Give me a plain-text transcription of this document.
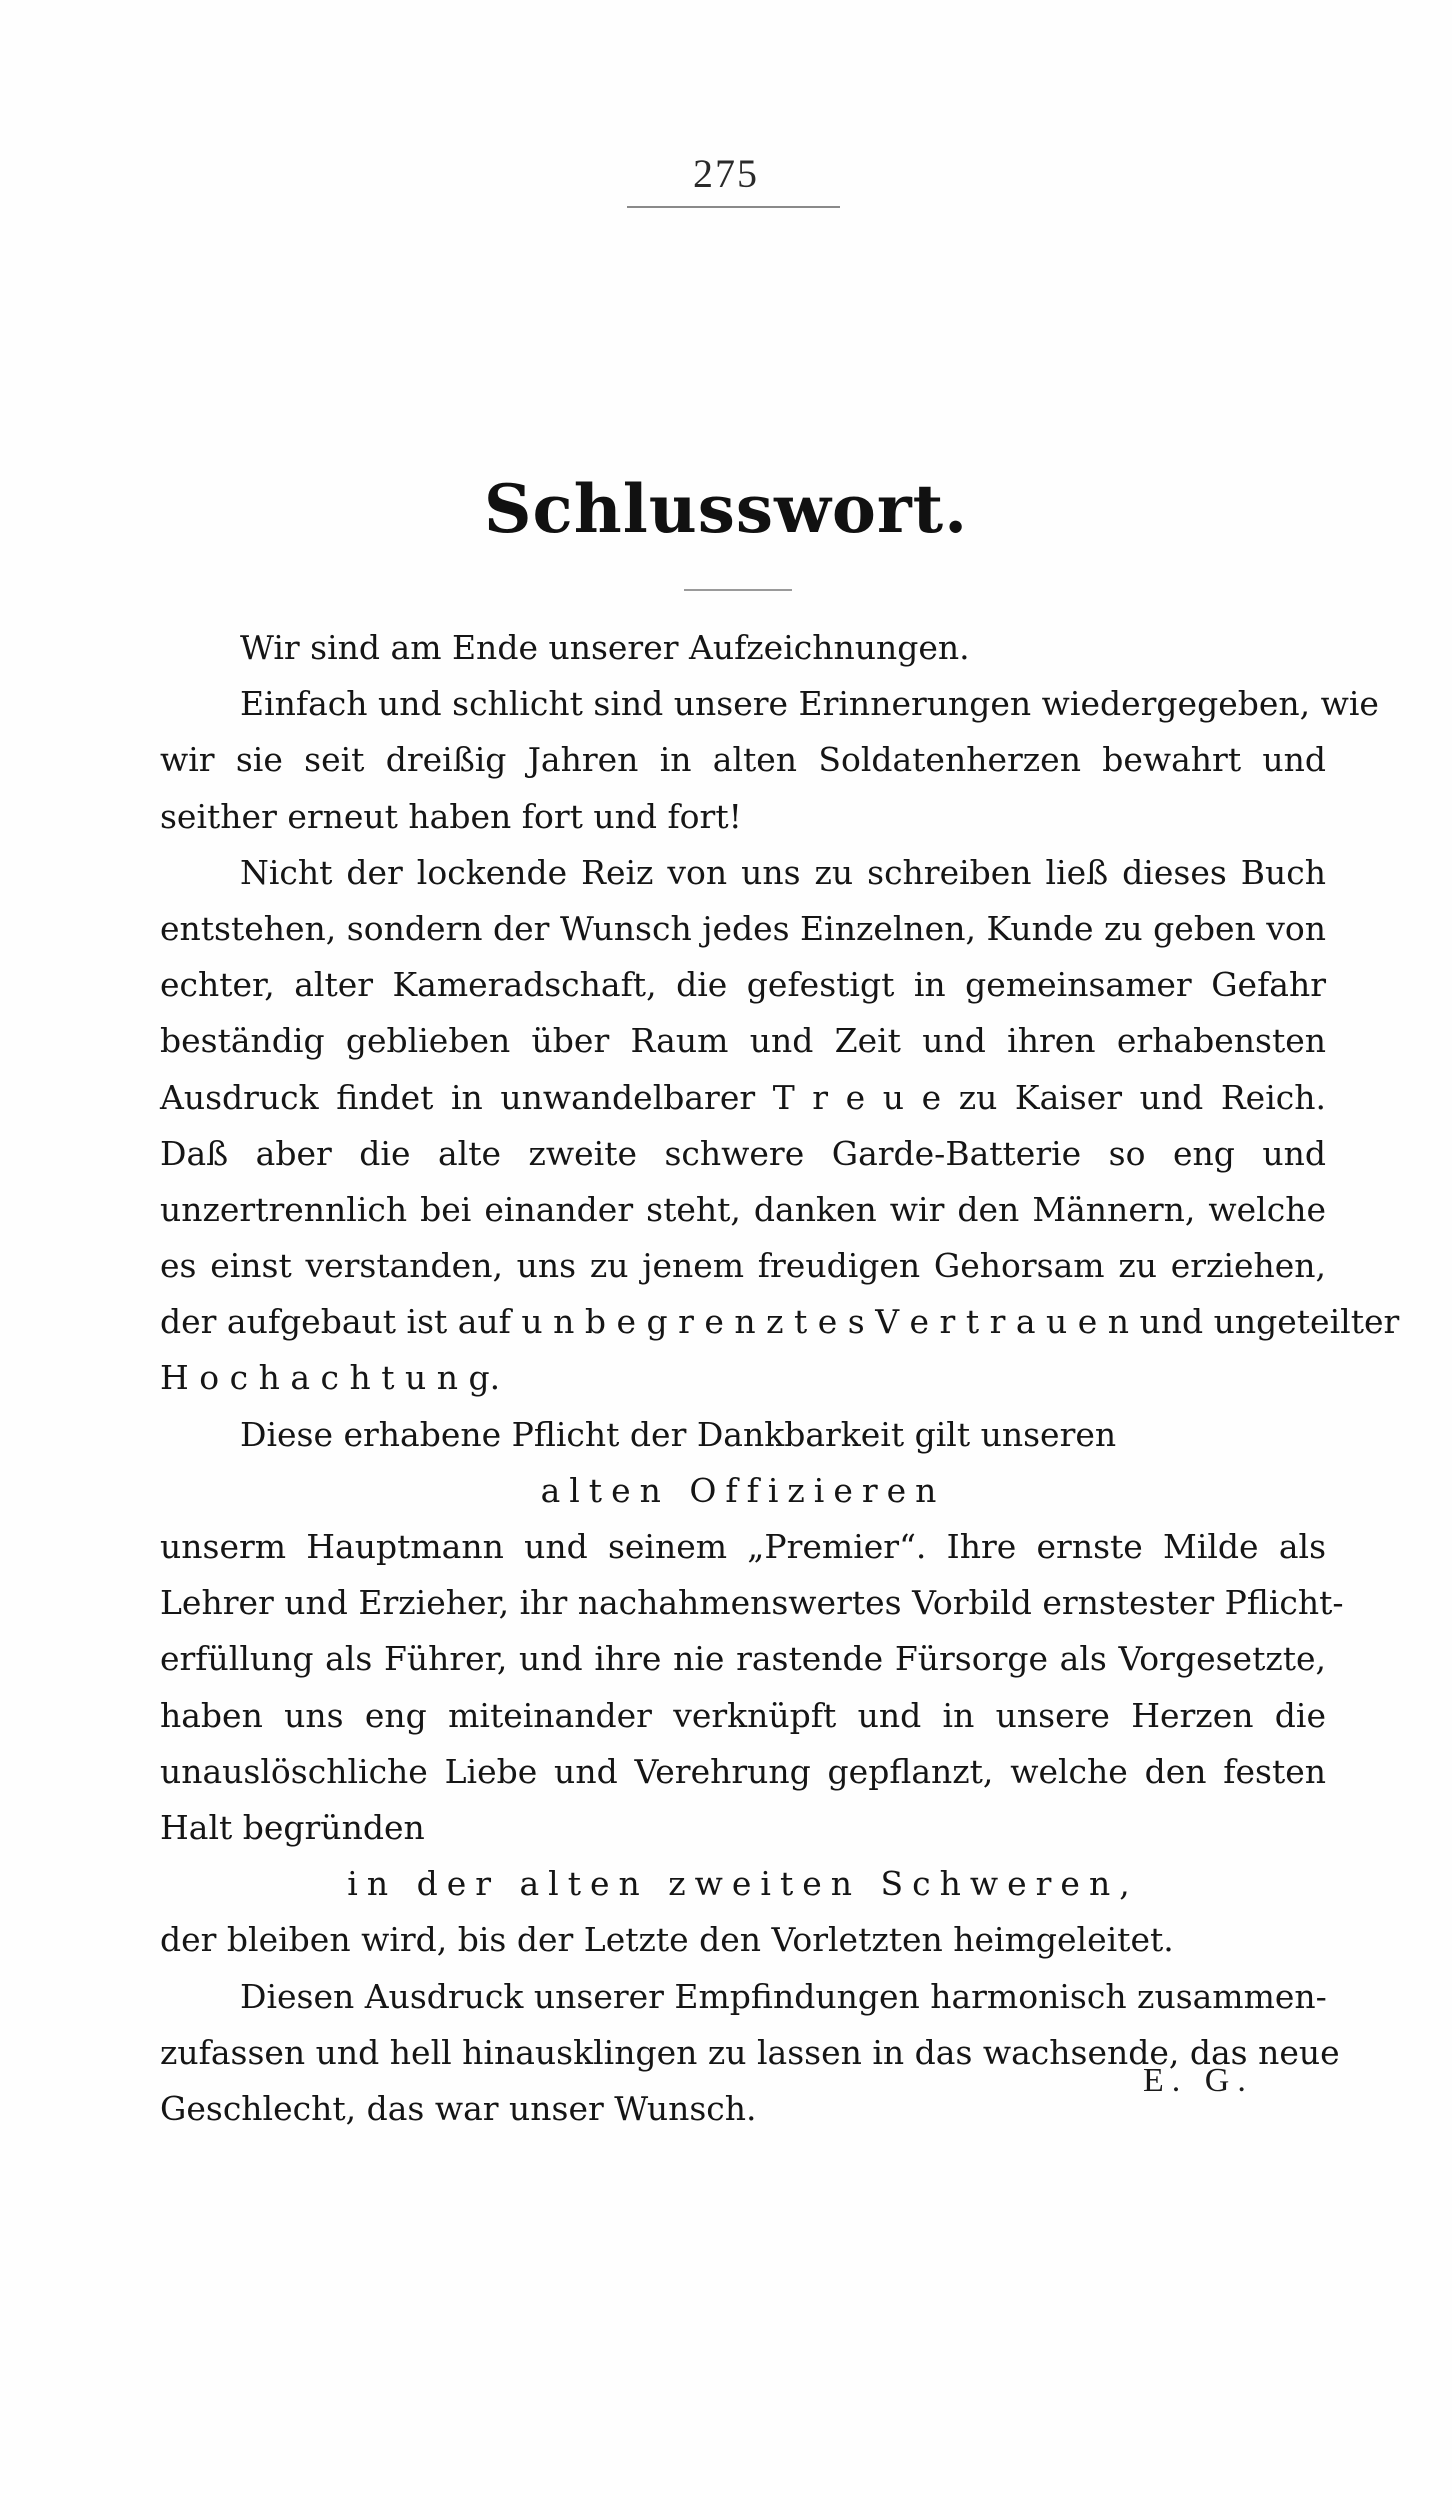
275
Schlusswort.
Wir sind am Ende unserer Aufzeichnungen.
Einfach und schlicht sind unsere Erinnerungen wiedergegeben, wie
wir sie seit dreißig Jahren in alten Soldatenherzen bewahrt und
seither erneut haben fort und fort!
Nicht der lockende Reiz von uns zu schreiben ließ dieses Buch
entstehen, sondern der Wunsch jedes Einzelnen, Kunde zu geben von
echter, alter Kameradschaft, die gefestigt in gemeinsamer Gefahr
beständig geblieben über Raum und Zeit und ihren erhabensten
Ausdruck findet in unwandelbarer T r e u e zu Kaiser und Reich.
Daß aber die alte zweite schwere Garde-Batterie so eng und
unzertrennlich bei einander steht, danken wir den Männern, welche
es einst verstanden, uns zu jenem freudigen Gehorsam zu erziehen,
der aufgebaut ist auf u n b e g r e n z t e s V e r t r a u e n und ungeteilter
H o c h a c h t u n g.
Diese erhabene Pflicht der Dankbarkeit gilt unseren
alten Offizieren
unserm Hauptmann und seinem „Premier“. Ihre ernste Milde als
Lehrer und Erzieher, ihr nachahmenswertes Vorbild ernstester Pflicht-
erfüllung als Führer, und ihre nie rastende Fürsorge als Vorgesetzte,
haben uns eng miteinander verknüpft und in unsere Herzen die
unauslöschliche Liebe und Verehrung gepflanzt, welche den festen
Halt begründen
in der alten zweiten Schweren,
der bleiben wird, bis der Letzte den Vorletzten heimgeleitet.
Diesen Ausdruck unserer Empfindungen harmonisch zusammen-
zufassen und hell hinausklingen zu lassen in das wachsende, das neue
Geschlecht, das war unser Wunsch.
E. G.
